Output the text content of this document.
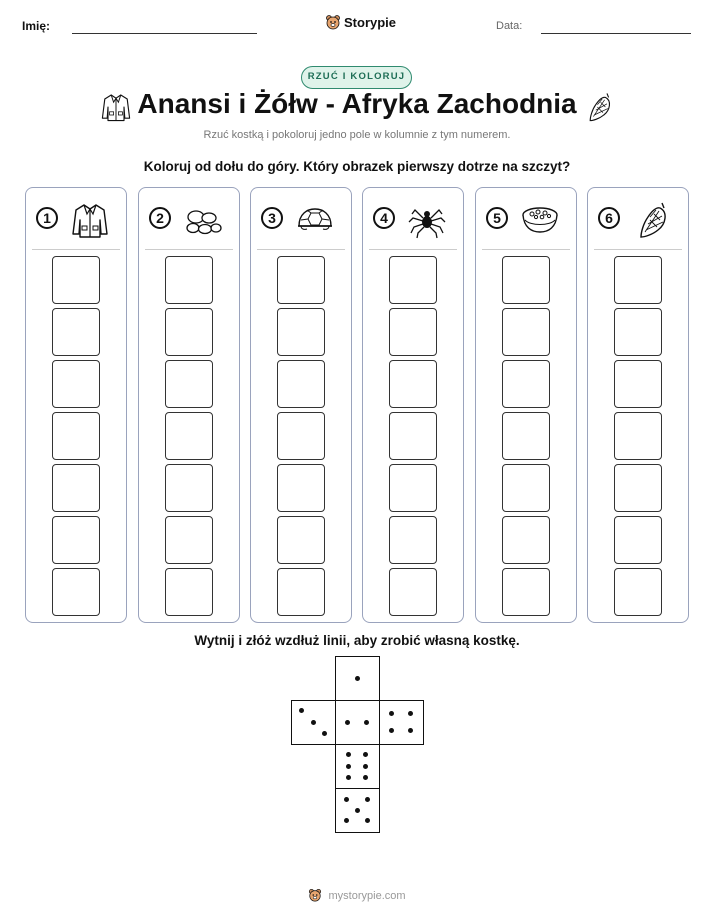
Imię:	Storypie	Data:
RZUĆ I KOLORUJ
Anansi i Żółw - Afryka Zachodnia
Rzuć kostką i pokoloruj jedno pole w kolumnie z tym numerem.
Koloruj od dołu do góry. Który obrazek pierwszy dotrze na szczyt?
1	2	3	4	5	6
Wytnij i złóż wzdłuż linii, aby zrobić własną kostkę.
mystorypie.com
